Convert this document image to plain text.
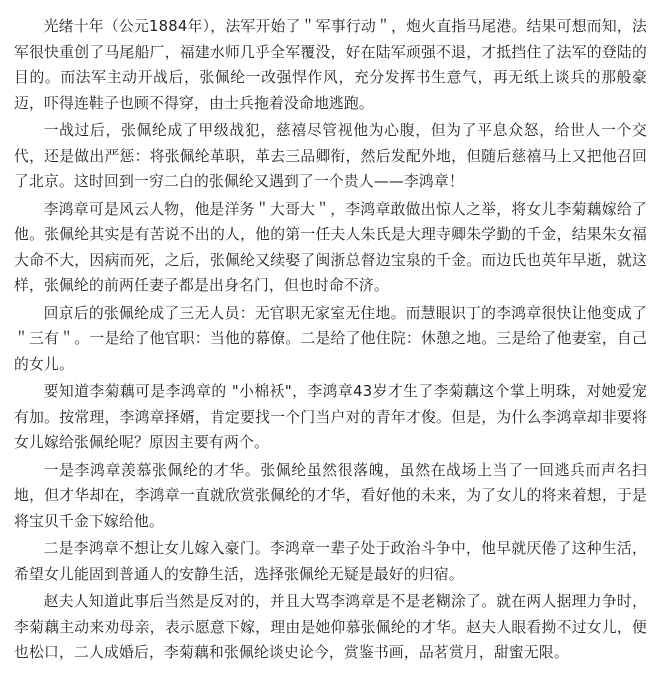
光绪十年（公元1884年），法军开始了＂军事行动＂，炮火直指马尾港。结果可想而知，法军很快重创了马尾船厂，福建水师几乎全军覆没，好在陆军顽强不退，才抵挡住了法军的登陆的目的。而法军主动开战后，张佩纶一改强悍作风，充分发挥书生意气，再无纸上谈兵的那般豪迈，吓得连鞋子也顾不得穿，由士兵拖着没命地逃跑。

一战过后，张佩纶成了甲级战犯，慈禧尽管视他为心腹，但为了平息众怒，给世人一个交代，还是做出严惩：将张佩纶革职，革去三品卿衔，然后发配外地，但随后慈禧马上又把他召回了北京。这时回到一穷二白的张佩纶又遇到了一个贵人——李鸿章！

李鸿章可是风云人物，他是洋务＂大哥大＂，李鸿章敢做出惊人之举，将女儿李菊藕嫁给了他。张佩纶其实是有苦说不出的人，他的第一任夫人朱氏是大理寺卿朱学勤的千金，结果朱女福大命不大，因病而死，之后，张佩纶又续娶了闽浙总督边宝泉的千金。而边氏也英年早逝，就这样，张佩纶的前两任妻子都是出身名门，但也时命不济。

回京后的张佩纶成了三无人员：无官职无家室无住地。而慧眼识丁的李鸿章很快让他变成了＂三有＂。一是给了他官职：当他的幕僚。二是给了他住院：休憩之地。三是给了他妻室，自己的女儿。

要知道李菊藕可是李鸿章的 "小棉袄"，李鸿章43岁才生了李菊藕这个掌上明珠，对她爱宠有加。按常理，李鸿章择婿，肯定要找一个门当户对的青年才俊。但是，为什么李鸿章却非要将女儿嫁给张佩纶呢？原因主要有两个。

一是李鸿章羡慕张佩纶的才华。张佩纶虽然很落魄，虽然在战场上当了一回逃兵而声名扫地，但才华却在，李鸿章一直就欣赏张佩纶的才华，看好他的未来，为了女儿的将来着想，于是将宝贝千金下嫁给他。

二是李鸿章不想让女儿嫁入豪门。李鸿章一辈子处于政治斗争中，他早就厌倦了这种生活，希望女儿能固到普通人的安静生活，选择张佩纶无疑是最好的归宿。

赵夫人知道此事后当然是反对的，并且大骂李鸿章是不是老糊涂了。就在两人据理力争时，李菊藕主动来劝母亲，表示愿意下嫁，理由是她仰慕张佩纶的才华。赵夫人眼看拗不过女儿，便也松口，二人成婚后，李菊藕和张佩纶谈史论今，赏鉴书画，品茗赏月，甜蜜无限。
